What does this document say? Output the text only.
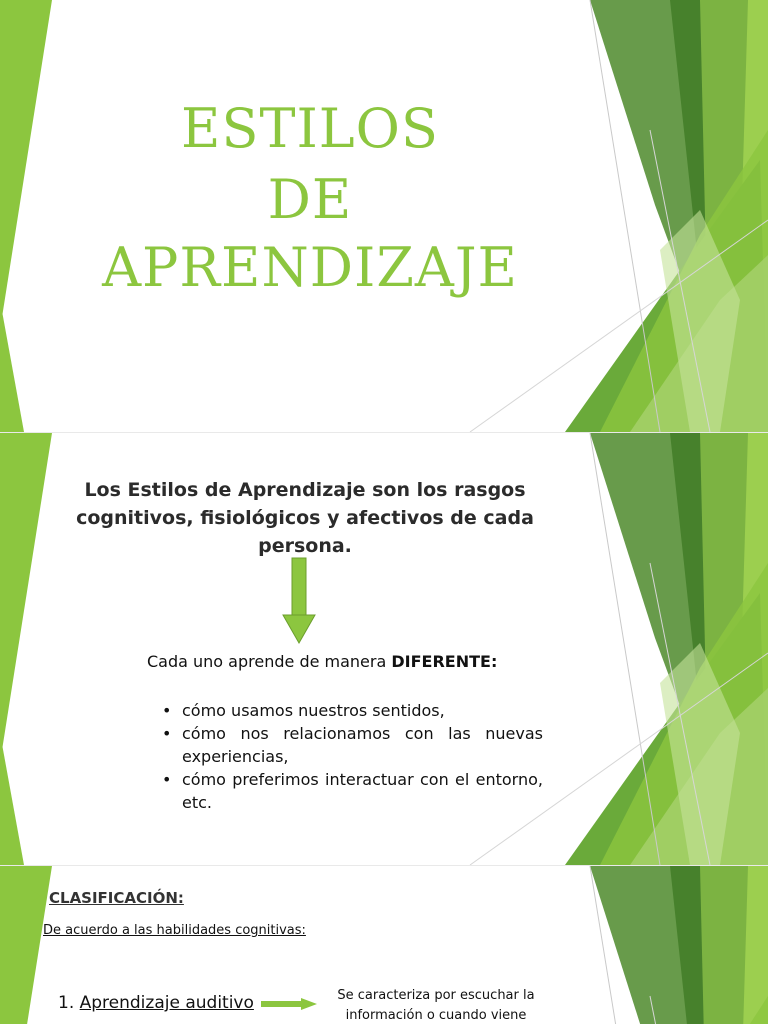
ESTILOS
DE
APRENDIZAJE
Los Estilos de Aprendizaje son los rasgos cognitivos, fisiológicos y afectivos de cada persona.
Cada uno aprende de manera DIFERENTE:
• cómo usamos nuestros sentidos,
• cómo nos relacionamos con las nuevas experiencias,
• cómo preferimos interactuar con el entorno, etc.
CLASIFICACIÓN:
De acuerdo a las habilidades cognitivas:
1. Aprendizaje auditivo	Se caracteriza por escuchar la información o cuando viene
